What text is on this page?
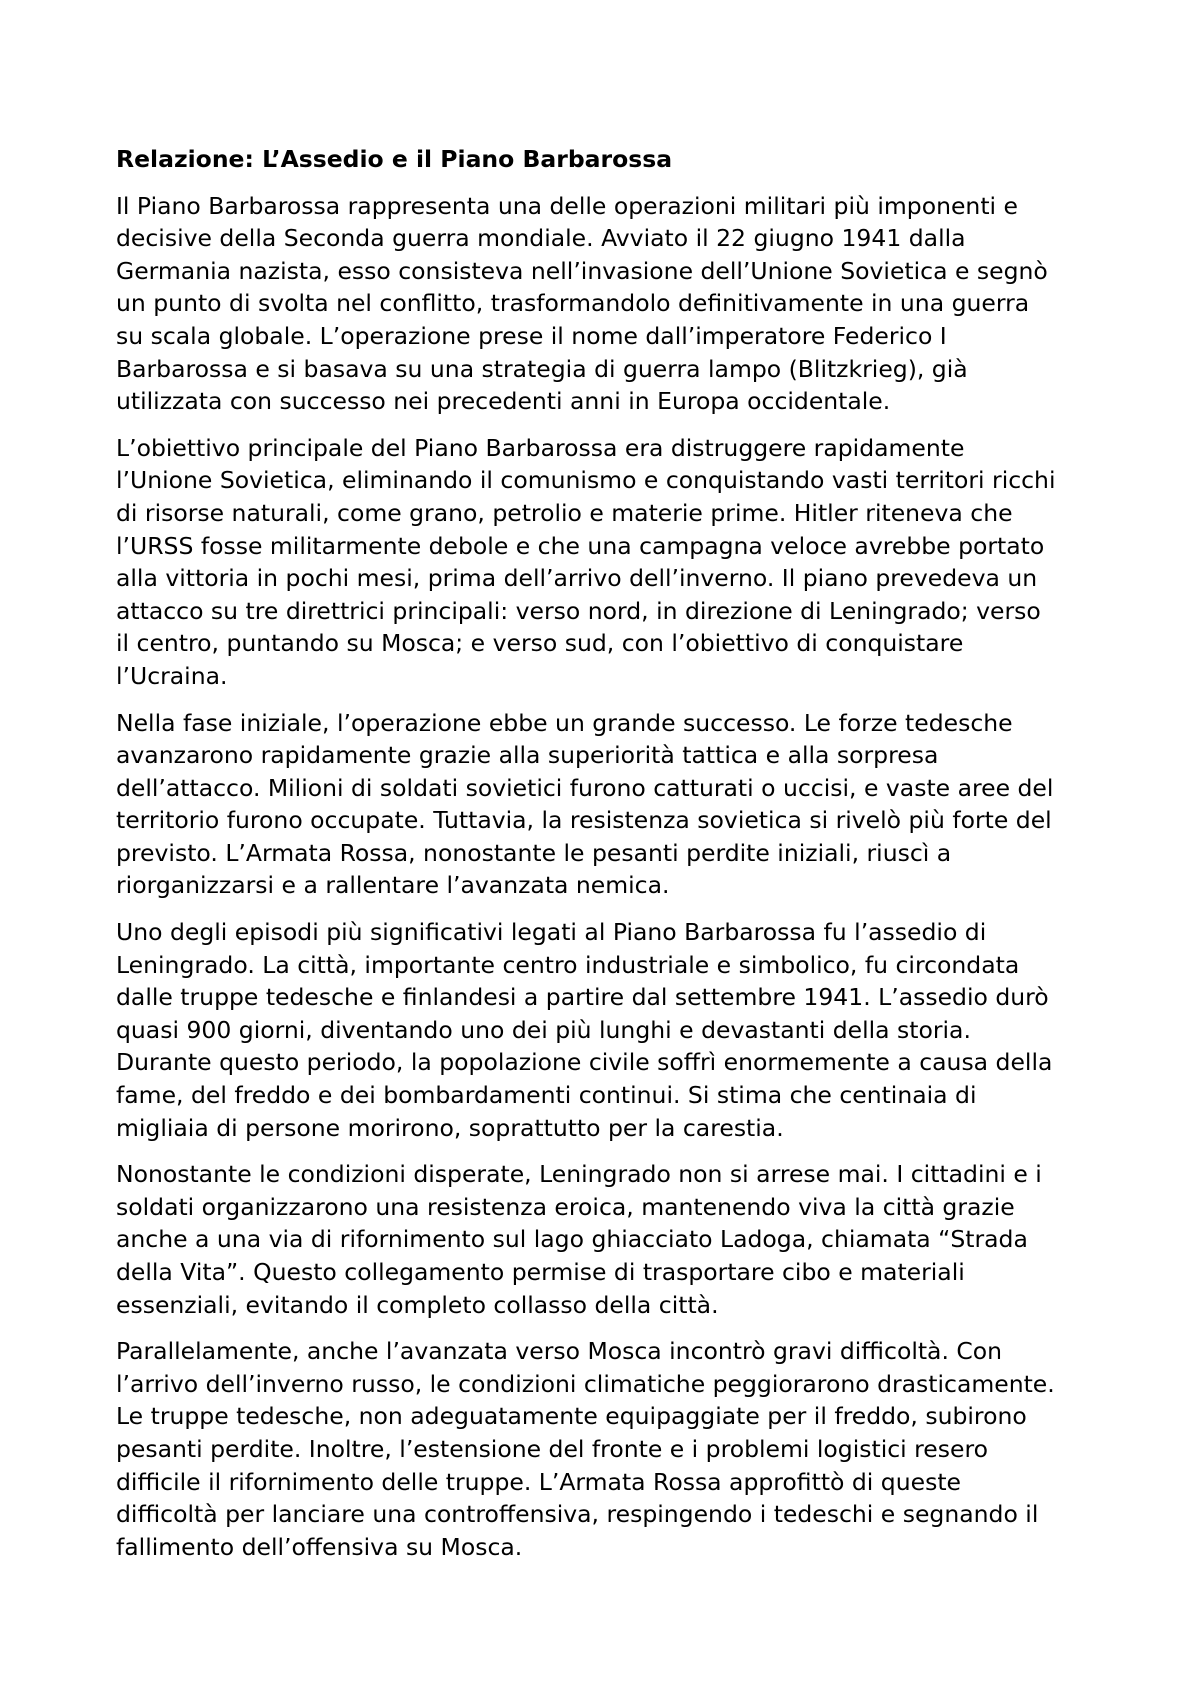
Relazione: L’Assedio e il Piano Barbarossa
Il Piano Barbarossa rappresenta una delle operazioni militari più imponenti e
decisive della Seconda guerra mondiale. Avviato il 22 giugno 1941 dalla
Germania nazista, esso consisteva nell’invasione dell’Unione Sovietica e segnò
un punto di svolta nel conflitto, trasformandolo definitivamente in una guerra
su scala globale. L’operazione prese il nome dall’imperatore Federico I
Barbarossa e si basava su una strategia di guerra lampo (Blitzkrieg), già
utilizzata con successo nei precedenti anni in Europa occidentale.
L’obiettivo principale del Piano Barbarossa era distruggere rapidamente
l’Unione Sovietica, eliminando il comunismo e conquistando vasti territori ricchi
di risorse naturali, come grano, petrolio e materie prime. Hitler riteneva che
l’URSS fosse militarmente debole e che una campagna veloce avrebbe portato
alla vittoria in pochi mesi, prima dell’arrivo dell’inverno. Il piano prevedeva un
attacco su tre direttrici principali: verso nord, in direzione di Leningrado; verso
il centro, puntando su Mosca; e verso sud, con l’obiettivo di conquistare
l’Ucraina.
Nella fase iniziale, l’operazione ebbe un grande successo. Le forze tedesche
avanzarono rapidamente grazie alla superiorità tattica e alla sorpresa
dell’attacco. Milioni di soldati sovietici furono catturati o uccisi, e vaste aree del
territorio furono occupate. Tuttavia, la resistenza sovietica si rivelò più forte del
previsto. L’Armata Rossa, nonostante le pesanti perdite iniziali, riuscì a
riorganizzarsi e a rallentare l’avanzata nemica.
Uno degli episodi più significativi legati al Piano Barbarossa fu l’assedio di
Leningrado. La città, importante centro industriale e simbolico, fu circondata
dalle truppe tedesche e finlandesi a partire dal settembre 1941. L’assedio durò
quasi 900 giorni, diventando uno dei più lunghi e devastanti della storia.
Durante questo periodo, la popolazione civile soffrì enormemente a causa della
fame, del freddo e dei bombardamenti continui. Si stima che centinaia di
migliaia di persone morirono, soprattutto per la carestia.
Nonostante le condizioni disperate, Leningrado non si arrese mai. I cittadini e i
soldati organizzarono una resistenza eroica, mantenendo viva la città grazie
anche a una via di rifornimento sul lago ghiacciato Ladoga, chiamata “Strada
della Vita”. Questo collegamento permise di trasportare cibo e materiali
essenziali, evitando il completo collasso della città.
Parallelamente, anche l’avanzata verso Mosca incontrò gravi difficoltà. Con
l’arrivo dell’inverno russo, le condizioni climatiche peggiorarono drasticamente.
Le truppe tedesche, non adeguatamente equipaggiate per il freddo, subirono
pesanti perdite. Inoltre, l’estensione del fronte e i problemi logistici resero
difficile il rifornimento delle truppe. L’Armata Rossa approfittò di queste
difficoltà per lanciare una controffensiva, respingendo i tedeschi e segnando il
fallimento dell’offensiva su Mosca.
